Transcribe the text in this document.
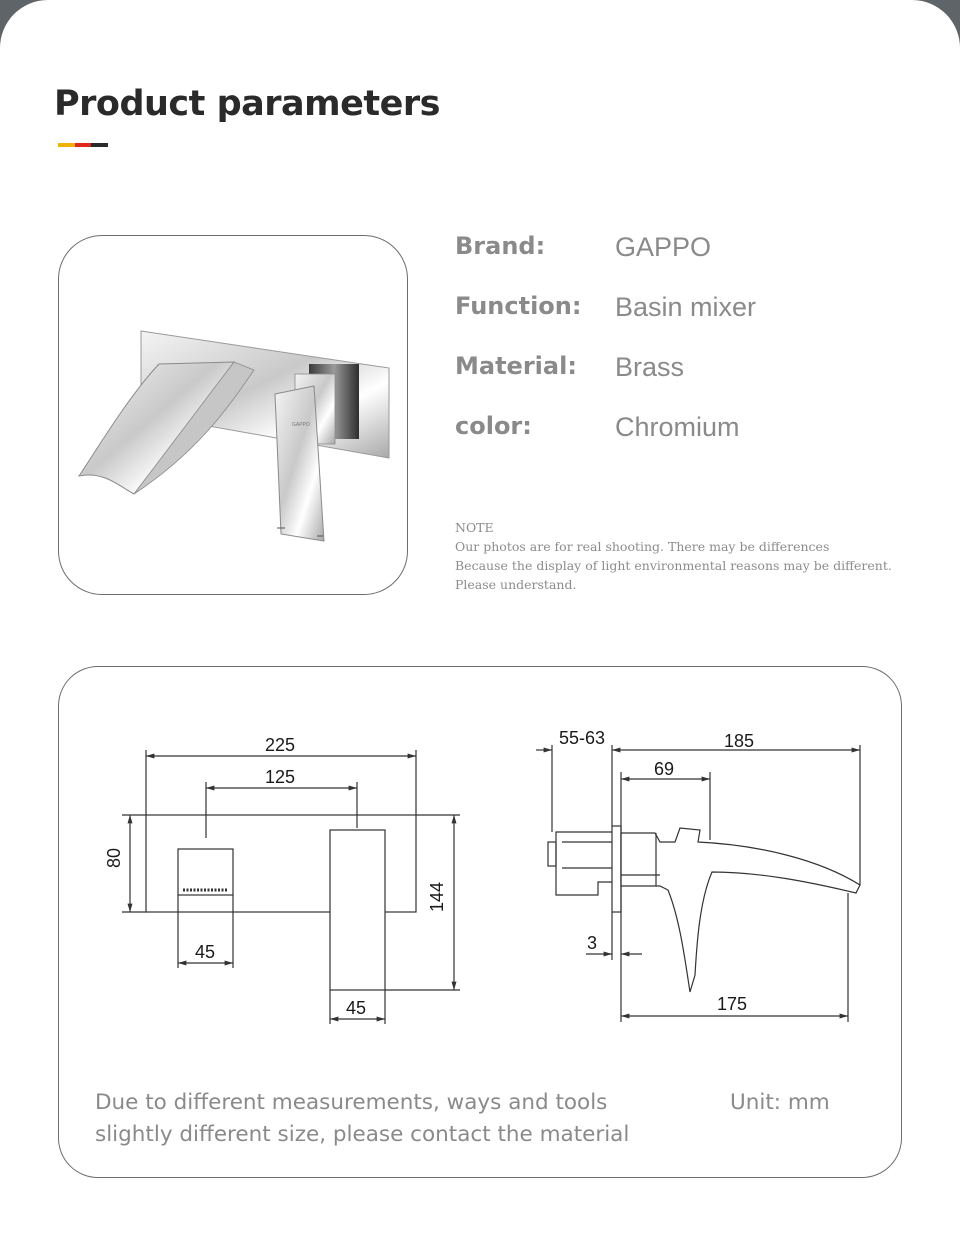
Product parameters
GAPPO
Brand:	GAPPO
Function: Basin mixer
Material: Brass
color:	Chromium
NOTE
Our photos are for real shooting. There may be differences
Because the display of light environmental reasons may be different.
Please understand.
225
125
80
144
45
45
55-63	185
69
3
175
Due to different measurements, ways and tools
slightly different size, please contact the material
Unit: mm
